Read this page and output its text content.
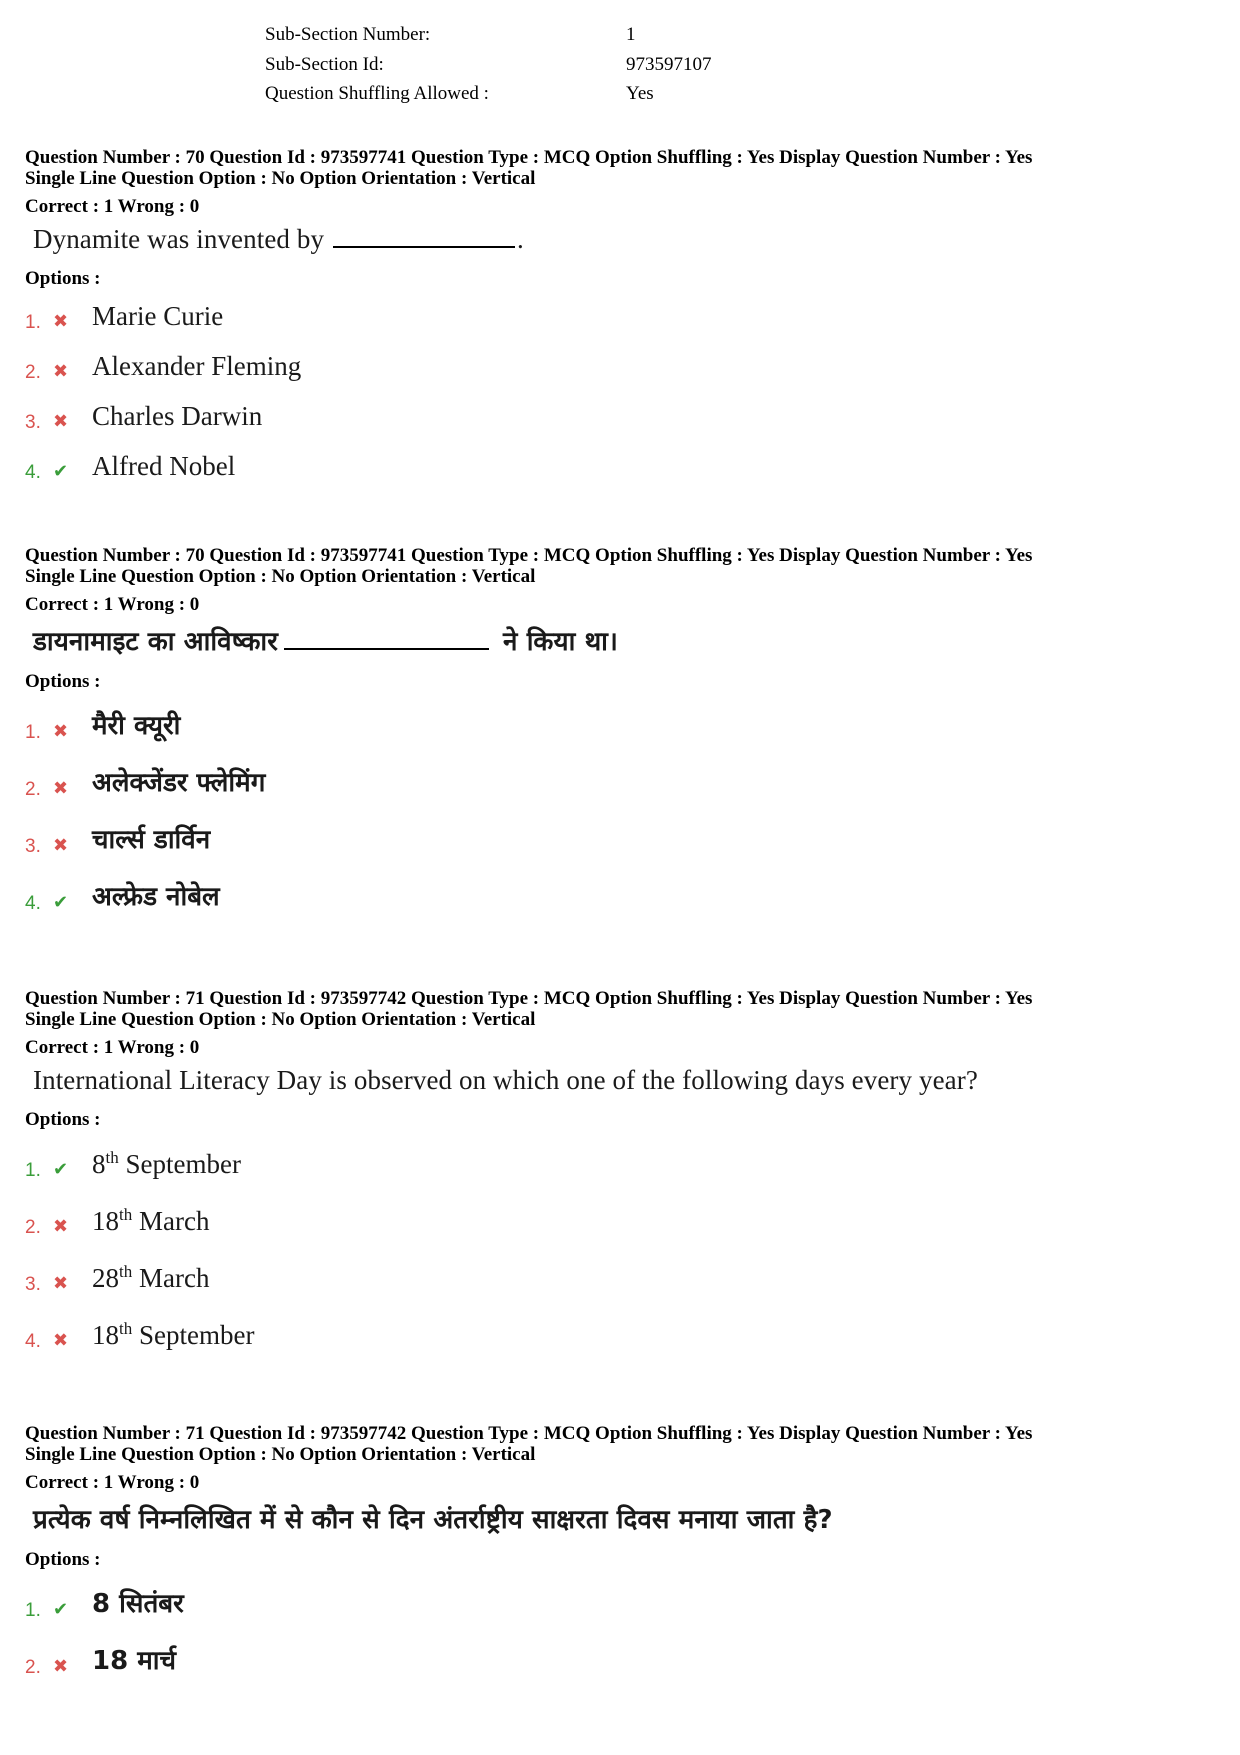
Sub-Section Number:	1
Sub-Section Id:	973597107
Question Shuffling Allowed :	Yes
Question Number : 70 Question Id : 973597741 Question Type : MCQ Option Shuffling : Yes Display Question Number : Yes
Single Line Question Option : No Option Orientation : Vertical
Correct : 1 Wrong : 0
Dynamite was invented by	.
Options :
1. ✖ Marie Curie
2. ✖ Alexander Fleming
3. ✖ Charles Darwin
4. ✔ Alfred Nobel
Question Number : 70 Question Id : 973597741 Question Type : MCQ Option Shuffling : Yes Display Question Number : Yes
Single Line Question Option : No Option Orientation : Vertical
Correct : 1 Wrong : 0
डायनामाइट का आविष्कार	ने किया था।
Options :
1. ✖ मैरी क्यूरी
2. ✖ अलेक्जेंडर फ्लेमिंग
3. ✖ चार्ल्स डार्विन
4. ✔ अल्फ्रेड नोबेल
Question Number : 71 Question Id : 973597742 Question Type : MCQ Option Shuffling : Yes Display Question Number : Yes
Single Line Question Option : No Option Orientation : Vertical
Correct : 1 Wrong : 0
International Literacy Day is observed on which one of the following days every year?
Options :
1. ✔ 8th September
2. ✖ 18th March
3. ✖ 28th March
4. ✖ 18th September
Question Number : 71 Question Id : 973597742 Question Type : MCQ Option Shuffling : Yes Display Question Number : Yes
Single Line Question Option : No Option Orientation : Vertical
Correct : 1 Wrong : 0
प्रत्येक वर्ष निम्नलिखित में से कौन से दिन अंतर्राष्ट्रीय साक्षरता दिवस मनाया जाता है?
Options :
1. ✔ 8 सितंबर
2. ✖ 18 मार्च
